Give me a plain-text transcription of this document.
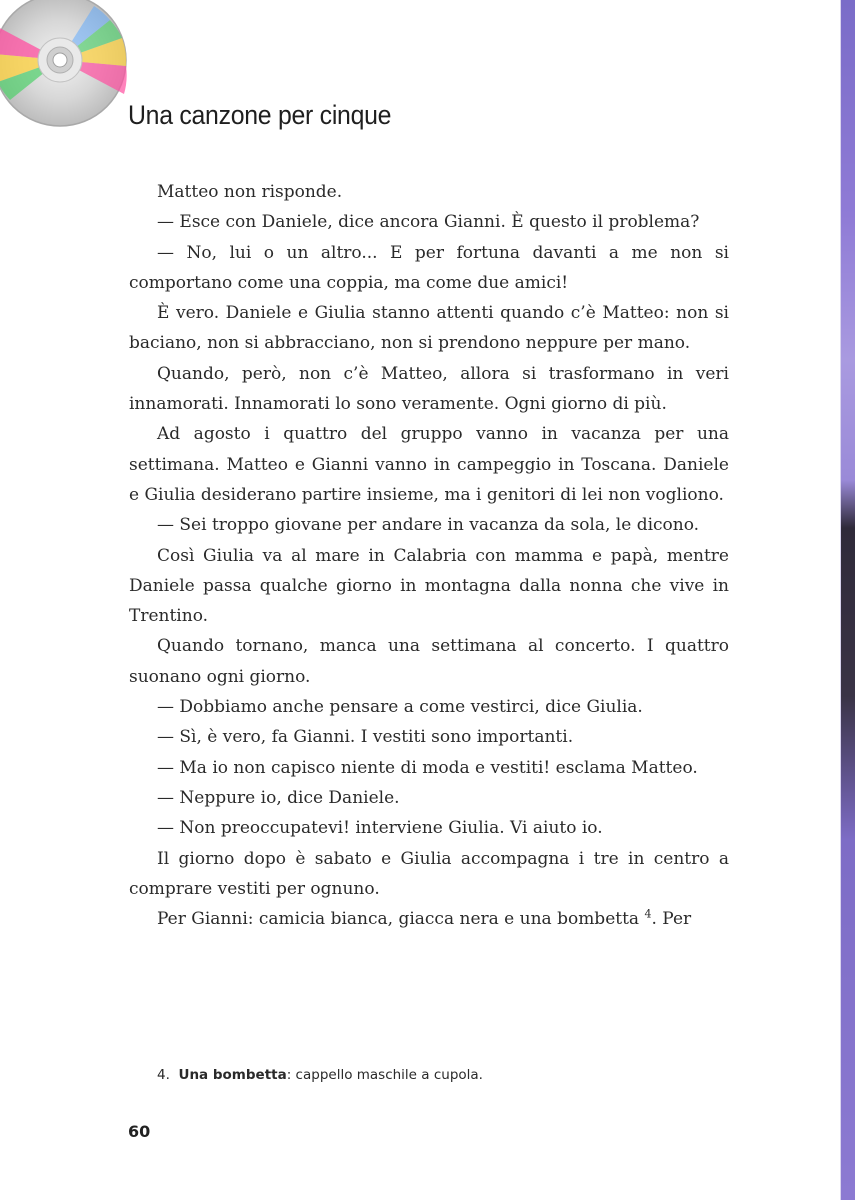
Una canzone per cinque

Matteo non risponde.

— Esce con Daniele, dice ancora Gianni. È questo il problema?

— No, lui o un altro... E per fortuna davanti a me non si comportano come una coppia, ma come due amici!

È vero. Daniele e Giulia stanno attenti quando c’è Matteo: non si baciano, non si abbracciano, non si prendono neppure per mano.

Quando, però, non c’è Matteo, allora si trasformano in veri innamorati. Innamorati lo sono veramente. Ogni giorno di più.

Ad agosto i quattro del gruppo vanno in vacanza per una settimana. Matteo e Gianni vanno in campeggio in Toscana. Daniele e Giulia desiderano partire insieme, ma i genitori di lei non vogliono.

— Sei troppo giovane per andare in vacanza da sola, le dicono.

Così Giulia va al mare in Calabria con mamma e papà, mentre Daniele passa qualche giorno in montagna dalla nonna che vive in Trentino.

Quando tornano, manca una settimana al concerto. I quattro suonano ogni giorno.

— Dobbiamo anche pensare a come vestirci, dice Giulia.

— Sì, è vero, fa Gianni. I vestiti sono importanti.

— Ma io non capisco niente di moda e vestiti! esclama Matteo.

— Neppure io, dice Daniele.

— Non preoccupatevi! interviene Giulia. Vi aiuto io.

Il giorno dopo è sabato e Giulia accompagna i tre in centro a comprare vestiti per ognuno.

Per Gianni: camicia bianca, giacca nera e una bombetta $^4$. Per

4. Una bombetta: cappello maschile a cupola.
60
